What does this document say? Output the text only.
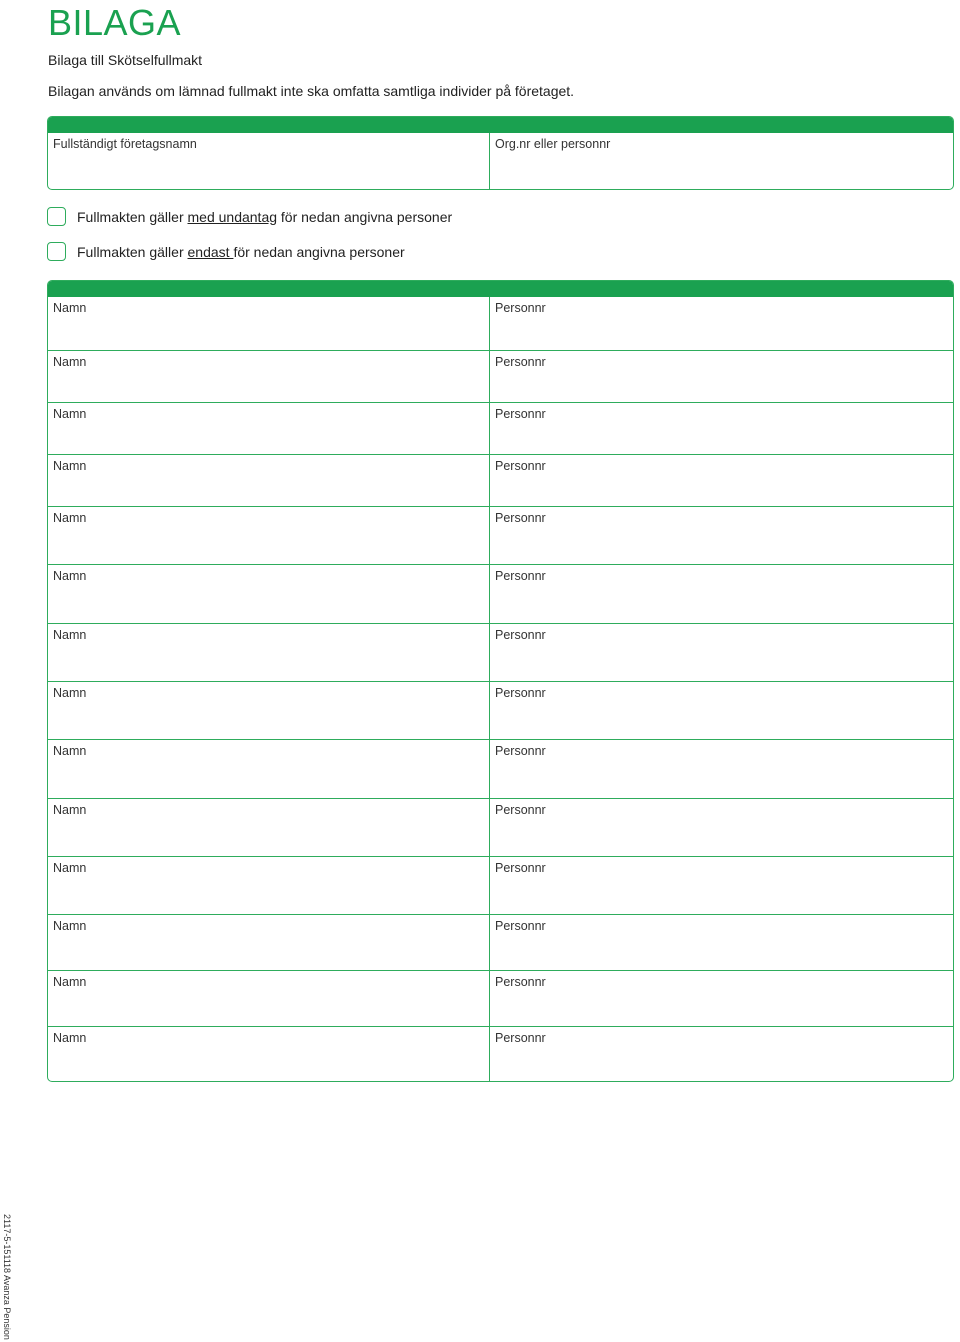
BILAGA
Bilaga till Skötselfullmakt
Bilagan används om lämnad fullmakt inte ska omfatta samtliga individer på företaget.
Fullständigt företagsnamn	Org.nr eller personnr
Fullmakten gäller med undantag för nedan angivna personer
Fullmakten gäller endast för nedan angivna personer
Namn	Personnr
Namn	Personnr
Namn	Personnr
Namn	Personnr
Namn	Personnr
Namn	Personnr
Namn	Personnr
Namn	Personnr
Namn	Personnr
Namn	Personnr
Namn	Personnr
Namn	Personnr
Namn	Personnr
Namn	Personnr
2117-5-151118 Avanza Pension
